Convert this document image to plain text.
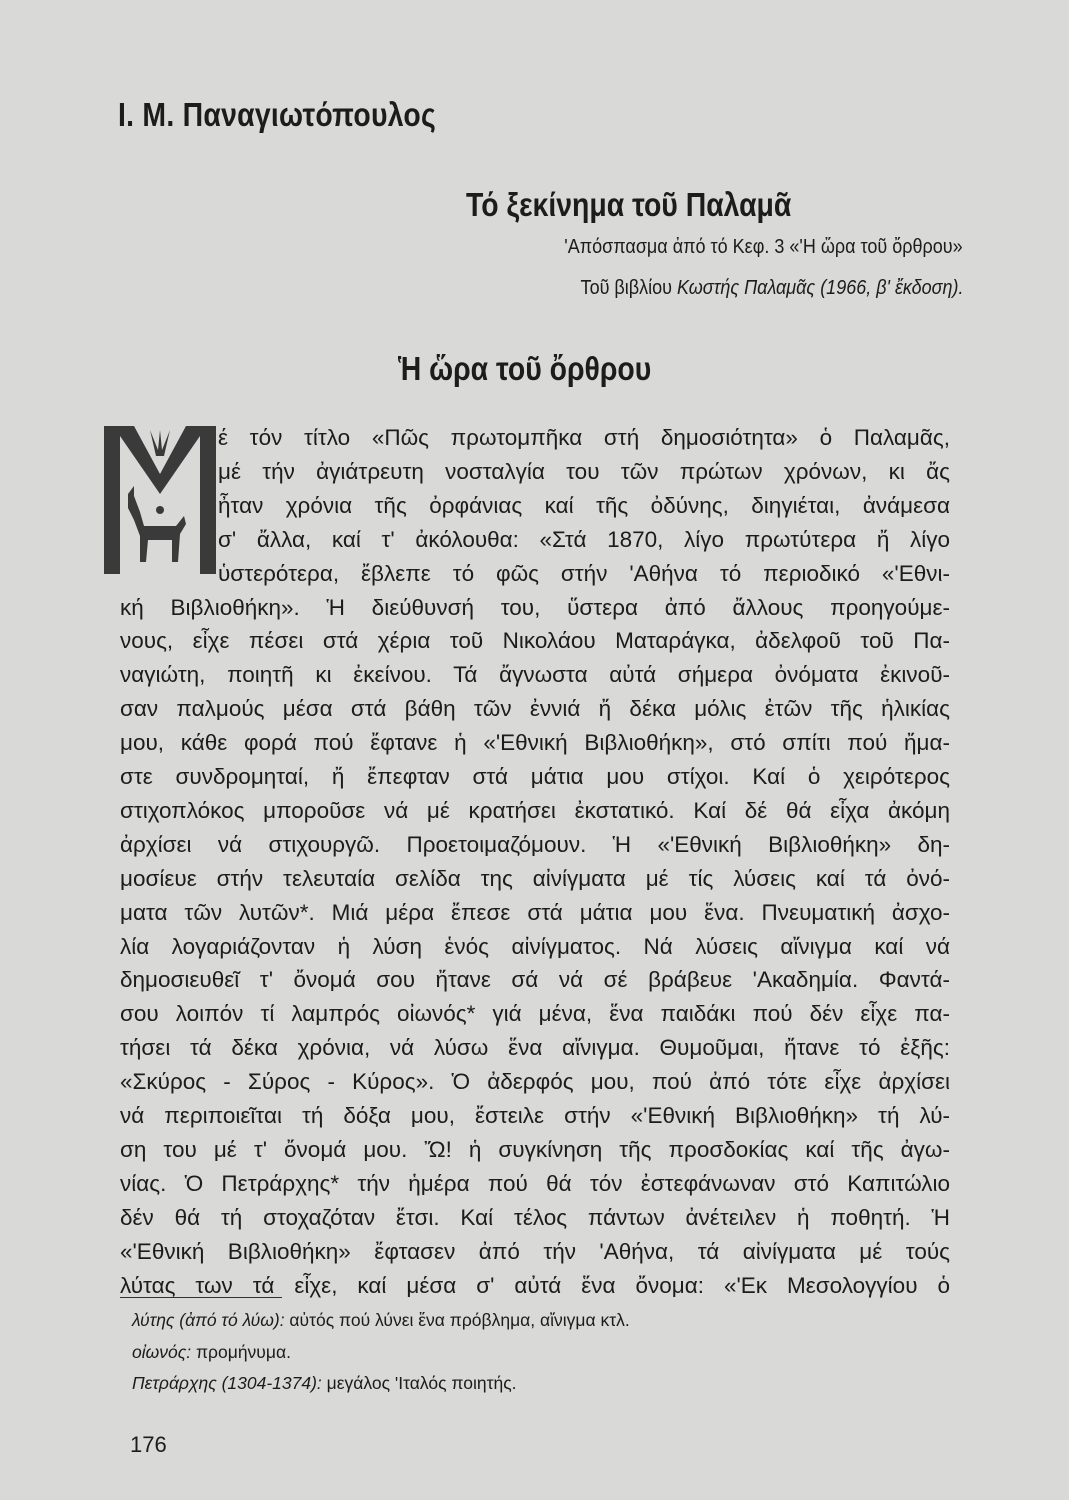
Ι. Μ. Παναγιωτόπουλος
Τό ξεκίνημα τοῦ Παλαμᾶ
'Απόσπασμα ἀπό τό Κεφ. 3 «'Η ὥρα τοῦ ὄρθρου»
Τοῦ βιβλίου Κωστής Παλαμᾶς (1966, β' ἔκδοση).
Ἡ ὥρα τοῦ ὄρθρου
έ τόν τίτλο «Πῶς πρωτομπῆκα στή δημοσιότητα» ὁ Παλαμᾶς,
μέ τήν ἀγιάτρευτη νοσταλγία του τῶν πρώτων χρόνων, κι ἄς
ἦταν χρόνια τῆς ὀρφάνιας καί τῆς ὀδύνης, διηγιέται, ἀνάμεσα
σ' ἄλλα, καί τ' ἀκόλουθα: «Στά 1870, λίγο πρωτύτερα ἤ λίγο
ὑστερότερα, ἔβλεπε τό φῶς στήν 'Αθήνα τό περιοδικό «'Εθνι-
κή Βιβλιοθήκη». Ἡ διεύθυνσή του, ὕστερα ἀπό ἄλλους προηγούμε-
νους, εἶχε πέσει στά χέρια τοῦ Νικολάου Ματαράγκα, ἀδελφοῦ τοῦ Πα-
ναγιώτη, ποιητῆ κι ἐκείνου. Τά ἄγνωστα αὐτά σήμερα ὀνόματα ἐκινοῦ-
σαν παλμούς μέσα στά βάθη τῶν ἐννιά ἤ δέκα μόλις ἐτῶν τῆς ἡλικίας
μου, κάθε φορά πού ἔφτανε ἡ «'Εθνική Βιβλιοθήκη», στό σπίτι πού ἤμα-
στε συνδρομηταί, ἤ ἔπεφταν στά μάτια μου στίχοι. Καί ὁ χειρότερος
στιχοπλόκος μποροῦσε νά μέ κρατήσει ἐκστατικό. Καί δέ θά εἶχα ἀκόμη
ἀρχίσει νά στιχουργῶ. Προετοιμαζόμουν. Ἡ «'Εθνική Βιβλιοθήκη» δη-
μοσίευε στήν τελευταία σελίδα της αἰνίγματα μέ τίς λύσεις καί τά ὀνό-
ματα τῶν λυτῶν*. Μιά μέρα ἔπεσε στά μάτια μου ἕνα. Πνευματική ἀσχο-
λία λογαριάζονταν ἡ λύση ἑνός αἰνίγματος. Νά λύσεις αἴνιγμα καί νά
δημοσιευθεῖ τ' ὄνομά σου ἤτανε σά νά σέ βράβευε 'Ακαδημία. Φαντά-
σου λοιπόν τί λαμπρός οἰωνός* γιά μένα, ἕνα παιδάκι πού δέν εἶχε πα-
τήσει τά δέκα χρόνια, νά λύσω ἕνα αἴνιγμα. Θυμοῦμαι, ἤτανε τό ἐξῆς:
«Σκύρος - Σύρος - Κύρος». Ὁ ἀδερφός μου, πού ἀπό τότε εἶχε ἀρχίσει
νά περιποιεῖται τή δόξα μου, ἔστειλε στήν «'Εθνική Βιβλιοθήκη» τή λύ-
ση του μέ τ' ὄνομά μου. Ὤ! ἡ συγκίνηση τῆς προσδοκίας καί τῆς ἀγω-
νίας. Ὁ Πετράρχης* τήν ἡμέρα πού θά τόν ἐστεφάνωναν στό Καπιτώλιο
δέν θά τή στοχαζόταν ἔτσι. Καί τέλος πάντων ἀνέτειλεν ἡ ποθητή. Ἡ
«'Εθνική Βιβλιοθήκη» ἔφτασεν ἀπό τήν 'Αθήνα, τά αἰνίγματα μέ τούς
λύτας των τά εἶχε, καί μέσα σ' αὐτά ἕνα ὄνομα: «'Εκ Μεσολογγίου ὁ
λύτης (ἀπό τό λύω): αὐτός πού λύνει ἕνα πρόβλημα, αἴνιγμα κτλ.
οἰωνός: προμήνυμα.
Πετράρχης (1304-1374): μεγάλος 'Ιταλός ποιητής.
176
